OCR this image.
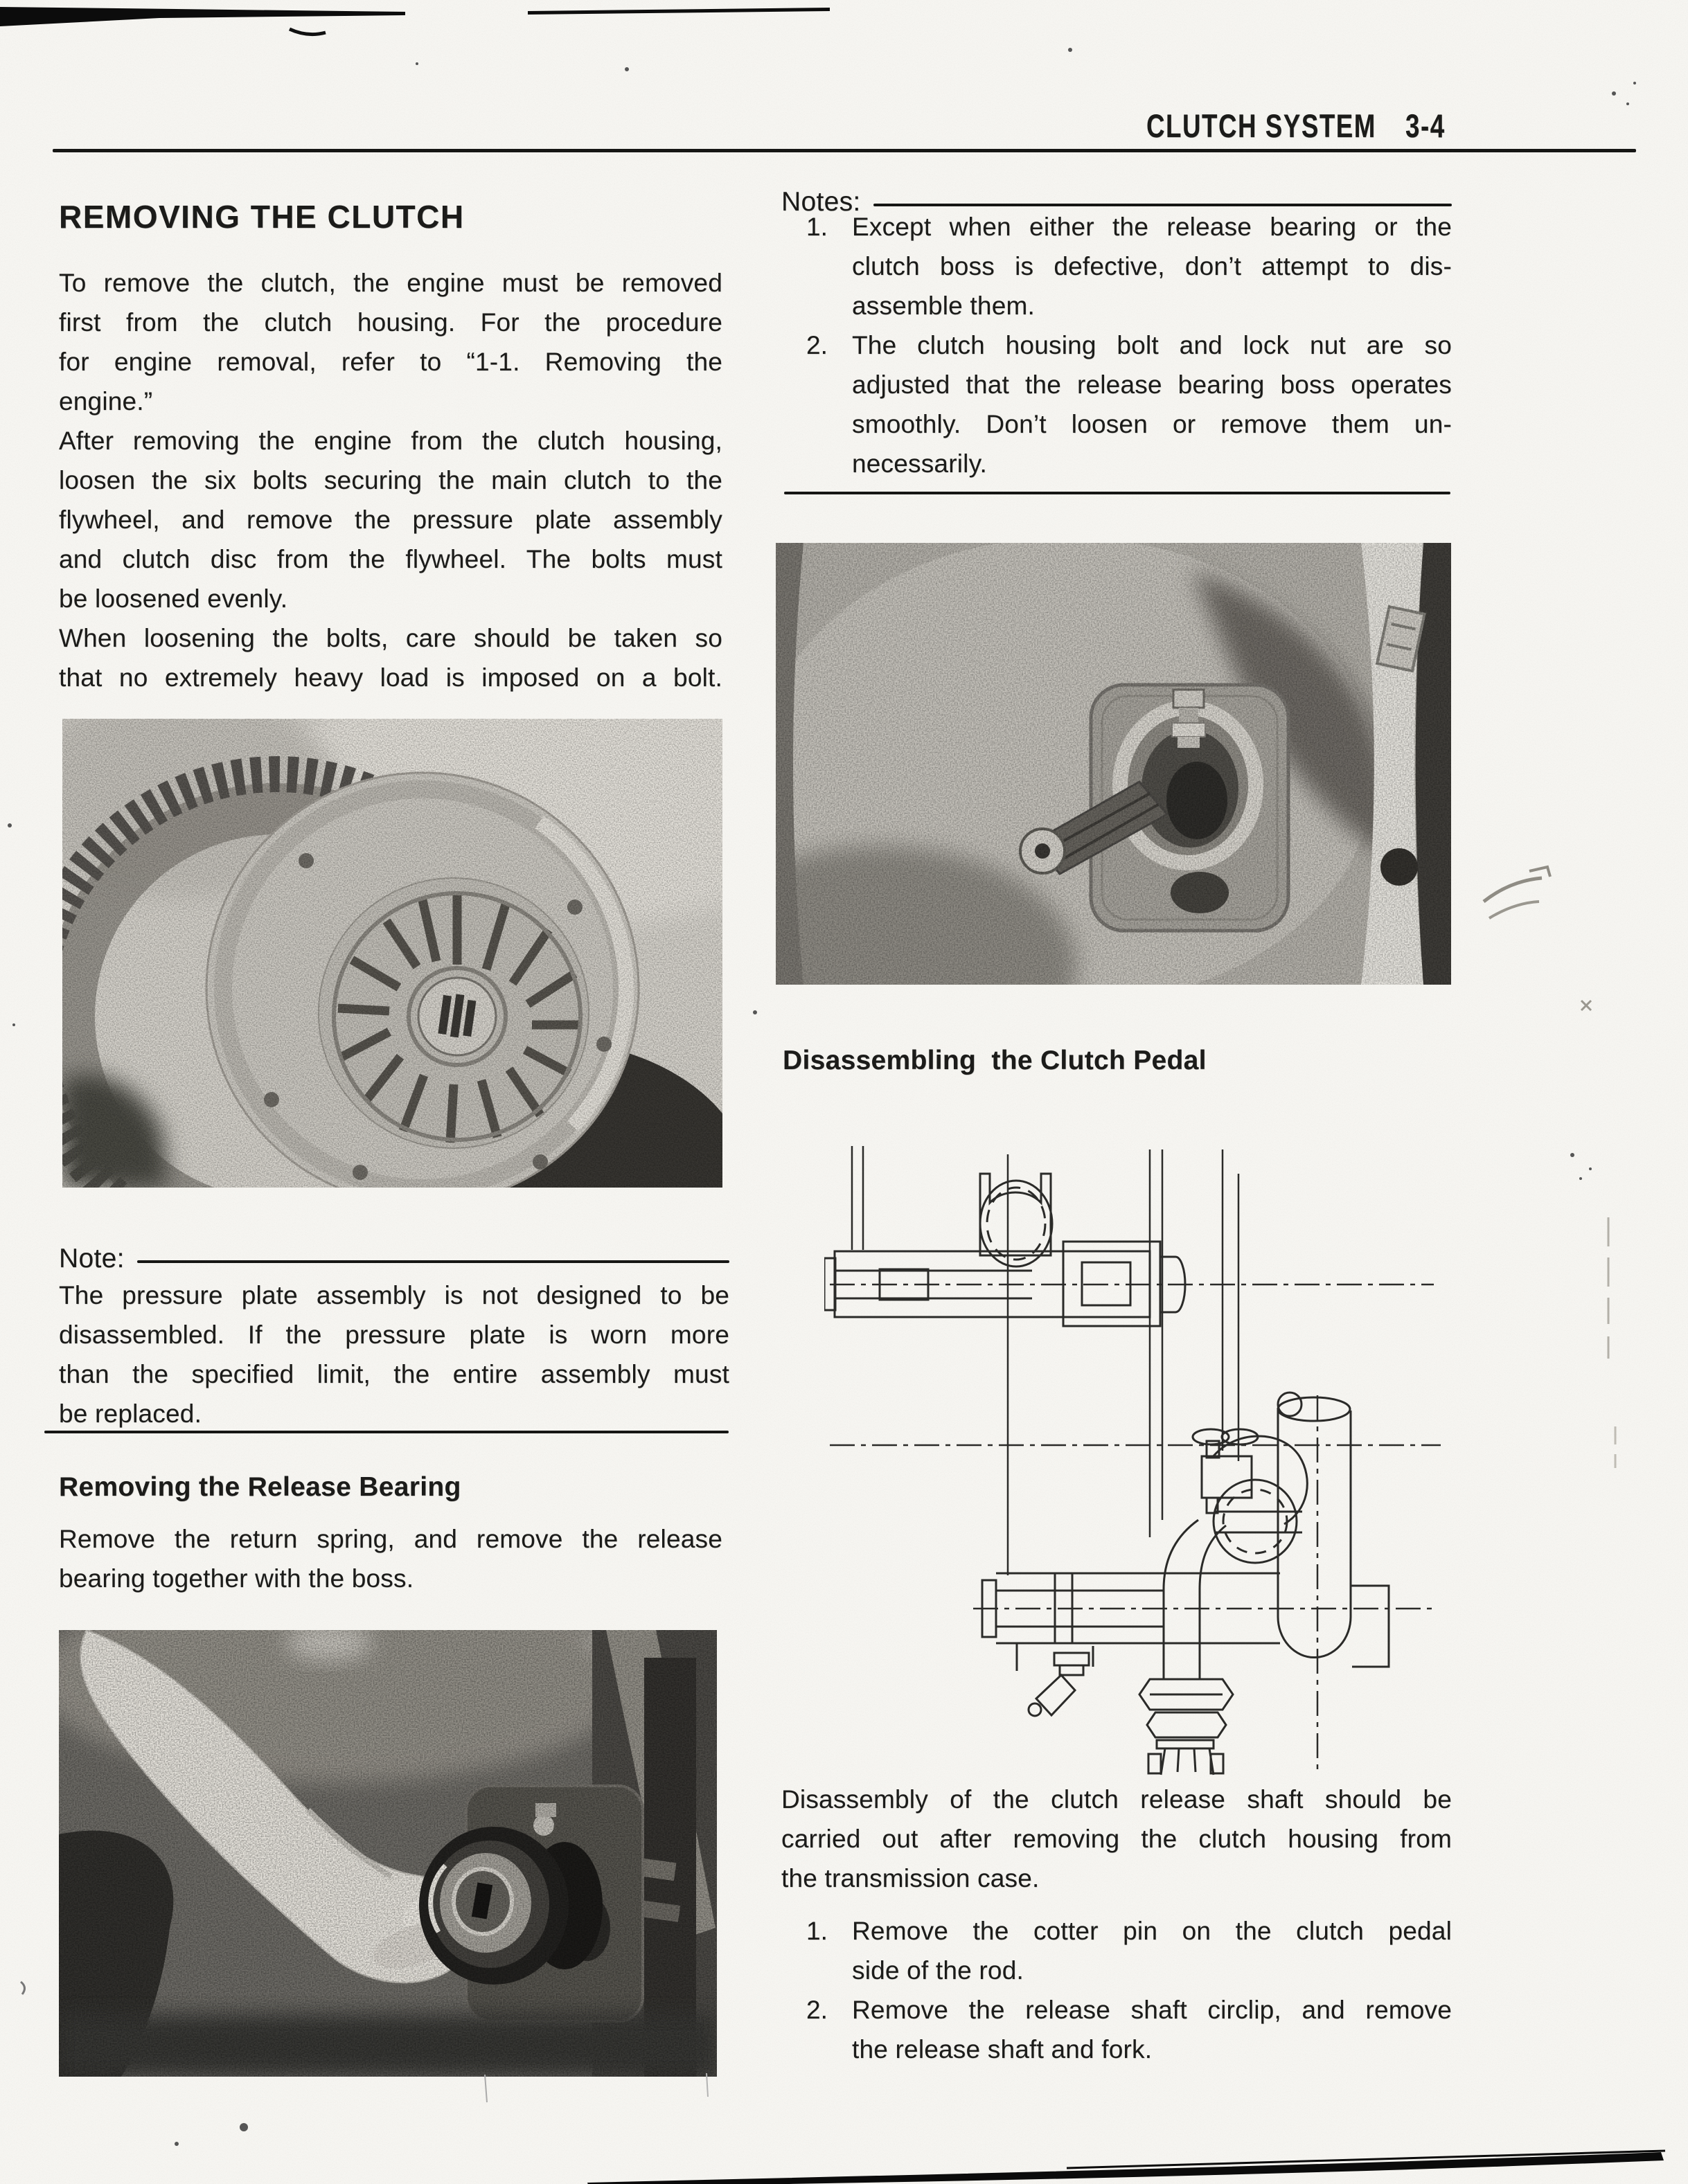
CLUTCH SYSTEM 3-4
REMOVING THE CLUTCH
To remove the clutch, the engine must be removed
first from the clutch housing. For the procedure
for engine removal, refer to “1-1. Removing the
engine.”
After removing the engine from the clutch housing,
loosen the six bolts securing the main clutch to the
flywheel, and remove the pressure plate assembly
and clutch disc from the flywheel. The bolts must
be loosened evenly.
When loosening the bolts, care should be taken so
that no extremely heavy load is imposed on a bolt.
Note:
The pressure plate assembly is not designed to be
disassembled. If the pressure plate is worn more
than the specified limit, the entire assembly must
be replaced.
Removing the Release Bearing
Remove the return spring, and remove the release
bearing together with the boss.
Notes:
1. Except when either the release bearing or the
clutch boss is defective, don’t attempt to dis-
assemble them.
2. The clutch housing bolt and lock nut are so
adjusted that the release bearing boss operates
smoothly. Don’t loosen or remove them un-
necessarily.
Disassembling  the Clutch Pedal
Disassembly of the clutch release shaft should be
carried out after removing the clutch housing from
the transmission case.
1. Remove the cotter pin on the clutch pedal
side of the rod.
2. Remove the release shaft circlip, and remove
the release shaft and fork.
